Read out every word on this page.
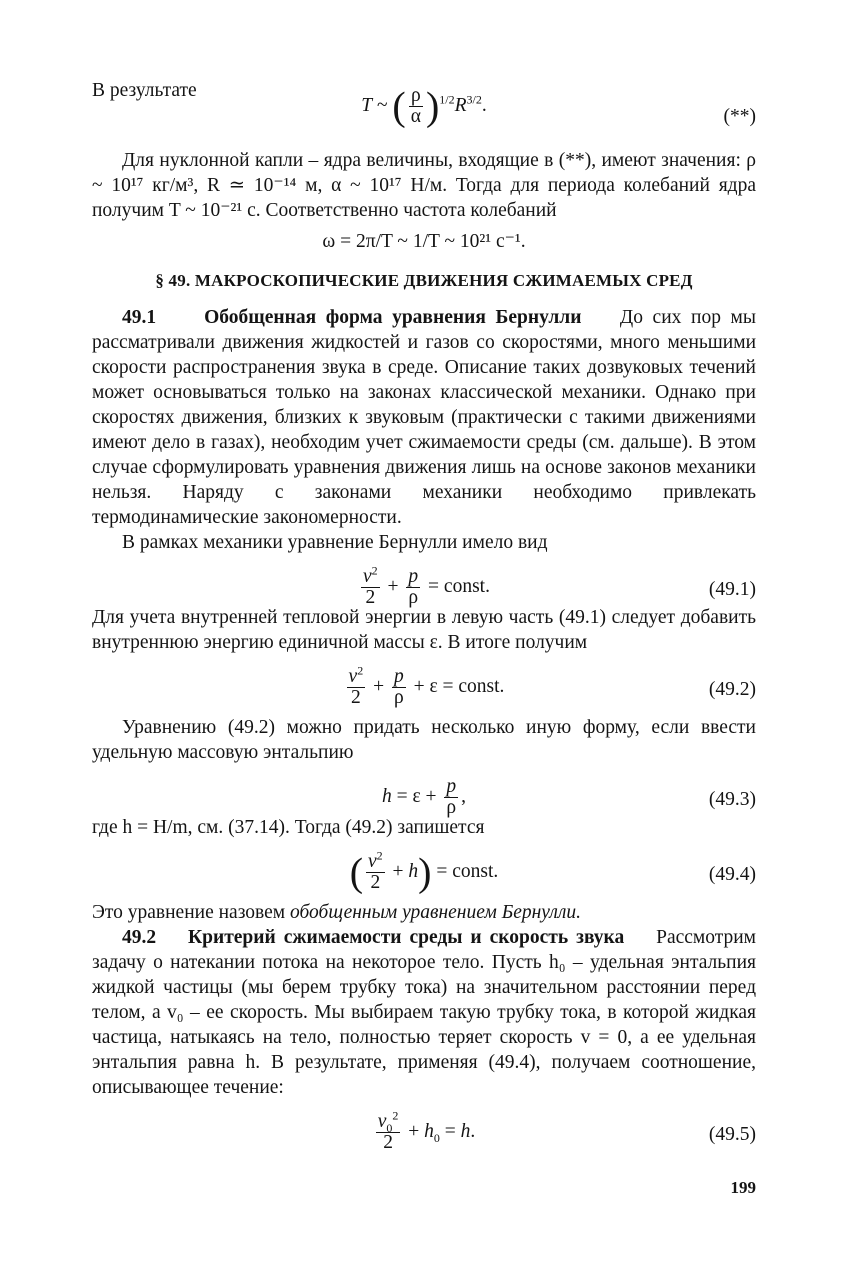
В результате
T ~ ( $\frac{\rho}{\alpha} )^{1/2}R^{3/2}$.
(**)

Для нуклонной капли – ядра величины, входящие в (**), имеют значения: ρ ~ 10¹⁷ кг/м³, R ≃ 10⁻¹⁴ м, α ~ 10¹⁷ Н/м. Тогда для периода колебаний ядра получим T ~ 10⁻²¹ с. Соответственно частота колебаний

ω = 2π/T ~ 1/T ~ 10²¹ с⁻¹.
§ 49. МАКРОСКОПИЧЕСКИЕ ДВИЖЕНИЯ СЖИМАЕМЫХ СРЕД

49.1 Обобщенная форма уравнения Бернулли До сих пор мы рассматривали движения жидкостей и газов со скоростями, много меньшими скорости распространения звука в среде. Описание таких дозвуковых течений может основываться только на законах классической механики. Однако при скоростях движения, близких к звуковым (практически с такими движениями имеют дело в газах), необходим учет сжимаемости среды (см. дальше). В этом случае сформулировать уравнения движения лишь на основе законов механики нельзя. Наряду с законами механики необходимо привлекать термодинамические закономерности.

В рамках механики уравнение Бернулли имело вид

$\frac{v^2}{2} + \frac{p}{\rho}$ = const.	(49.1)

Для учета внутренней тепловой энергии в левую часть (49.1) следует добавить внутреннюю энергию единичной массы ε. В итоге получим

$\frac{v^2}{2} + \frac{p}{\rho} + \varepsilon$ = const.	(49.2)

Уравнению (49.2) можно придать несколько иную форму, если ввести удельную массовую энтальпию

$h = \varepsilon + \frac{p}{\rho}$ ,	(49.3)

где h = H/m, см. (37.14). Тогда (49.2) запишется

( $\frac{v^2}{2} + h$) = const.	(49.4)

Это уравнение назовем обобщенным уравнением Бернулли.

49.2 Критерий сжимаемости среды и скорость звука Рассмотрим задачу о натекании потока на некоторое тело. Пусть h₀ – удельная энтальпия жидкой частицы (мы берем трубку тока) на значительном расстоянии перед телом, а v₀ – ее скорость. Мы выбираем такую трубку тока, в которой жидкая частица, натыкаясь на тело, полностью теряет скорость v = 0, а ее удельная энтальпия равна h. В результате, применяя (49.4), получаем соотношение, описывающее течение:

$\frac{v_0^2}{2} + h_0 = h$.	(49.5)
199
